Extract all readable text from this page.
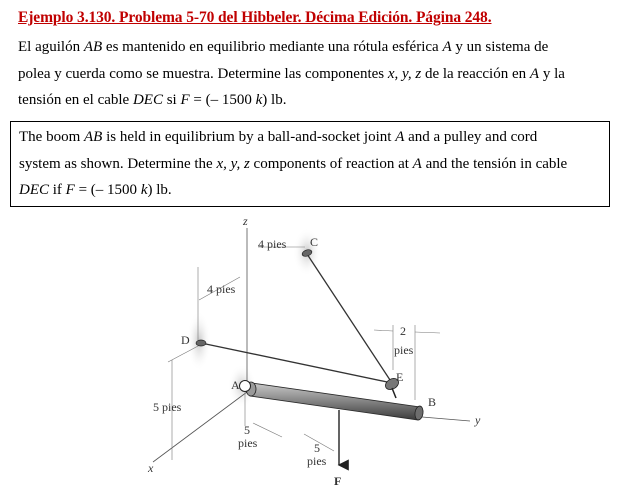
Ejemplo 3.130. Problema 5-70 del Hibbeler. Décima Edición. Página 248.
El aguilón AB es mantenido en equilibrio mediante una rótula esférica A y un sistema de
polea y cuerda como se muestra. Determine las componentes x, y, z de la reacción en A y la
tensión en el cable DEC si F = (– 1500 k) lb.
The boom AB is held in equilibrium by a ball-and-socket joint A and a pulley and cord
system as shown. Determine the x, y, z components of reaction at A and the tensión in cable
DEC if F = (– 1500 k) lb.
z
x
y
C
D
E
A
B
F
4 pies
4 pies
2
pies
5 pies
5
pies	5
pies
